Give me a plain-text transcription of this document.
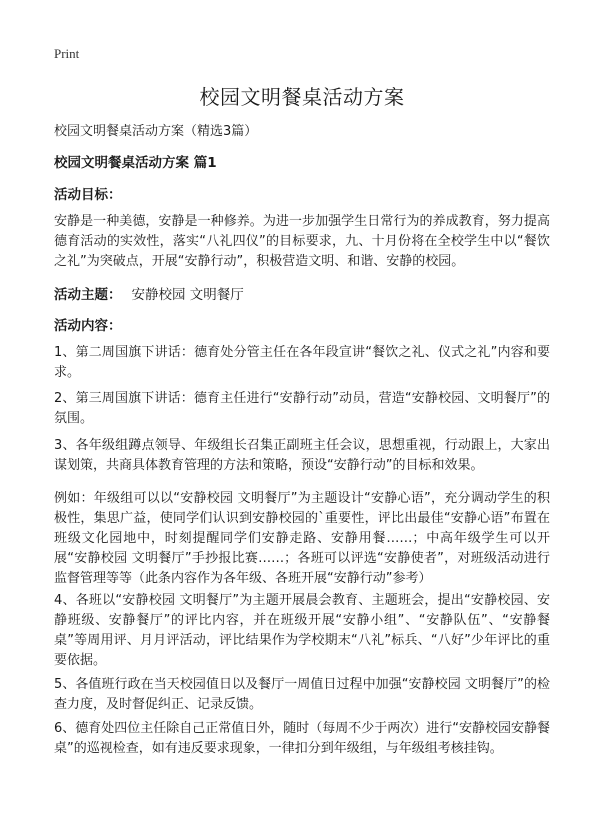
Print
校园文明餐桌活动方案
校园文明餐桌活动方案（精选3篇）
校园文明餐桌活动方案 篇1
活动目标：
安静是一种美德，安静是一种修养。为进一步加强学生日常行为的养成教育，努力提高德育活动的实效性，落实“八礼四仪”的目标要求，九、十月份将在全校学生中以“餐饮之礼”为突破点，开展“安静行动”，积极营造文明、和谐、安静的校园。
活动主题： 安静校园 文明餐厅
活动内容：
1、第二周国旗下讲话：德育处分管主任在各年段宣讲“餐饮之礼、仪式之礼”内容和要求。
2、第三周国旗下讲话：德育主任进行“安静行动”动员，营造“安静校园、文明餐厅”的氛围。
3、各年级组蹲点领导、年级组长召集正副班主任会议，思想重视，行动跟上，大家出谋划策，共商具体教育管理的方法和策略，预设“安静行动”的目标和效果。
例如：年级组可以以“安静校园 文明餐厅”为主题设计“安静心语”，充分调动学生的积极性，集思广益，使同学们认识到安静校园的`重要性，评比出最佳“安静心语”布置在班级文化园地中，时刻提醒同学们安静走路、安静用餐……；中高年级学生可以开展“安静校园 文明餐厅”手抄报比赛……；各班可以评选“安静使者”，对班级活动进行监督管理等等（此条内容作为各年级、各班开展“安静行动”参考）
4、各班以“安静校园 文明餐厅”为主题开展晨会教育、主题班会，提出“安静校园、安静班级、安静餐厅”的评比内容，并在班级开展“安静小组”、“安静队伍”、“安静餐桌”等周用评、月月评活动，评比结果作为学校期末“八礼”标兵、“八好”少年评比的重要依据。
5、各值班行政在当天校园值日以及餐厅一周值日过程中加强“安静校园 文明餐厅”的检查力度，及时督促纠正、记录反馈。
6、德育处四位主任除自己正常值日外，随时（每周不少于两次）进行“安静校园安静餐桌”的巡视检查，如有违反要求现象，一律扣分到年级组，与年级组考核挂钩。
